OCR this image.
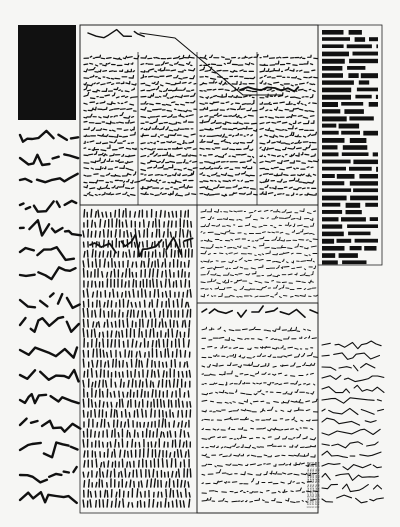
© Mirtha Dermisache, Buenos Aires, 1970 © Mirtha Dermisache, Buenos Aires, 1972 © Mirtha Dermisache, Buenos Aires, 1974 © Mirtha Dermisache, Buenos Aires, 1978 © Mirtha Dermisache, Buenos Aires, 1999
